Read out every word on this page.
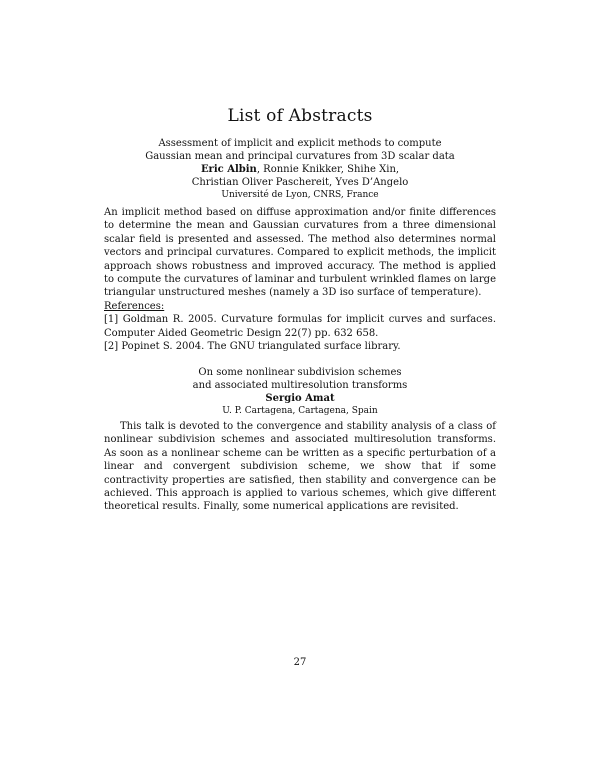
List of Abstracts
Assessment of implicit and explicit methods to compute
Gaussian mean and principal curvatures from 3D scalar data
Eric Albin, Ronnie Knikker, Shihe Xin,
Christian Oliver Paschereit, Yves D’Angelo
Université de Lyon, CNRS, France

An implicit method based on diffuse approximation and/or finite differences to determine the mean and Gaussian curvatures from a three dimensional scalar field is presented and assessed. The method also determines normal vectors and principal curvatures. Compared to explicit methods, the implicit approach shows robustness and improved accuracy. The method is applied to compute the curvatures of laminar and turbulent wrinkled flames on large triangular unstructured meshes (namely a 3D iso surface of temperature).

References:
[1] Goldman R. 2005. Curvature formulas for implicit curves and surfaces. Computer Aided Geometric Design 22(7) pp. 632 658.
[2] Popinet S. 2004. The GNU triangulated surface library.
On some nonlinear subdivision schemes
and associated multiresolution transforms
Sergio Amat
U. P. Cartagena, Cartagena, Spain

This talk is devoted to the convergence and stability analysis of a class of nonlinear subdivision schemes and associated multiresolution transforms. As soon as a nonlinear scheme can be written as a specific perturbation of a linear and convergent subdivision scheme, we show that if some contractivity properties are satisfied, then stability and convergence can be achieved. This approach is applied to various schemes, which give different theoretical results. Finally, some numerical applications are revisited.

27
